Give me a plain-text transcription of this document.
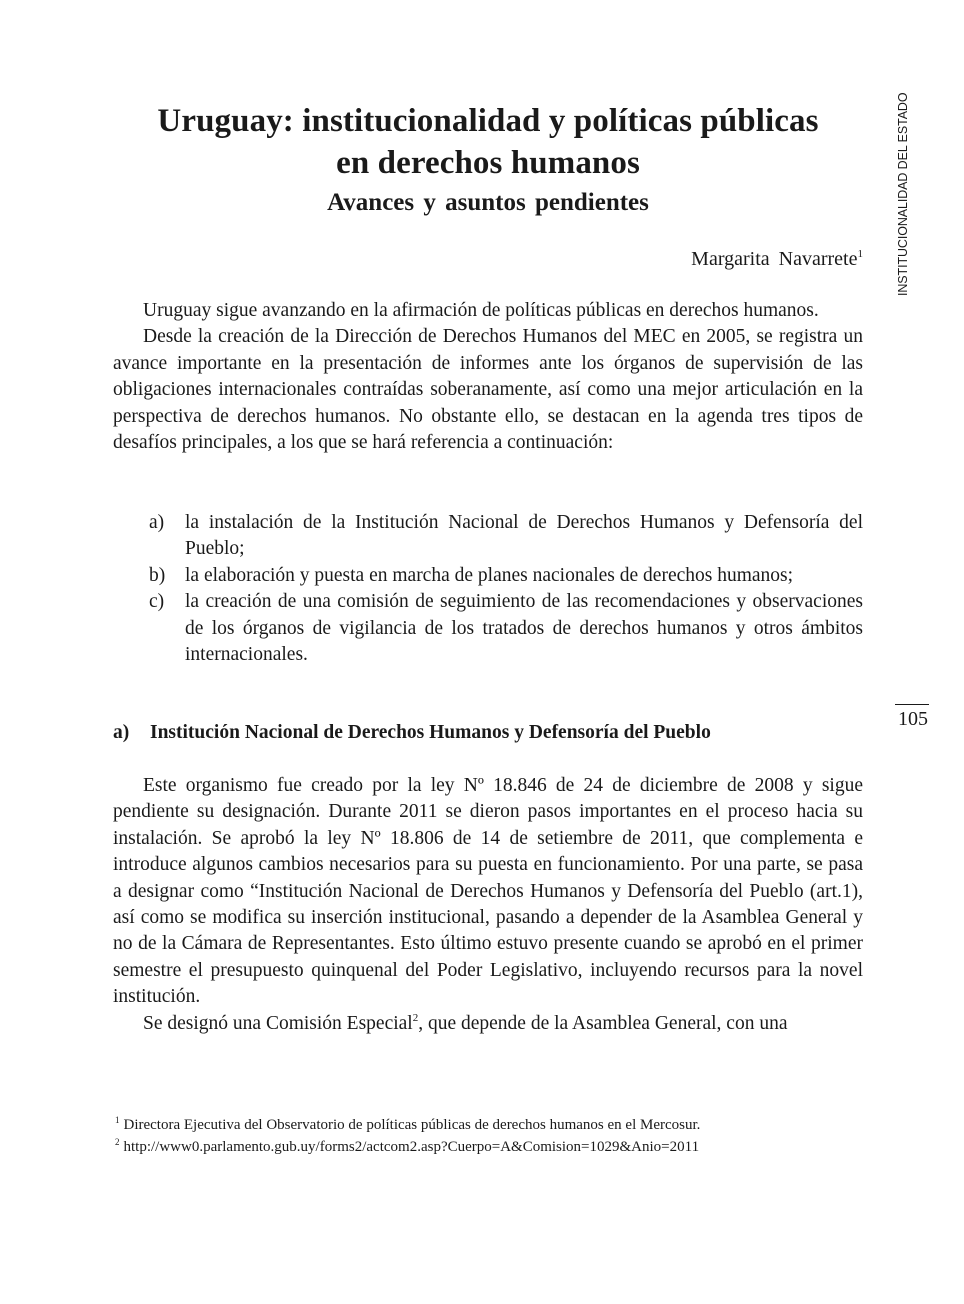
INSTITUCIONALIDAD DEL ESTADO
105
Uruguay: institucionalidad y políticas públicas
en derechos humanos
Avances y asuntos pendientes
Margarita Navarrete$^1$

Uruguay sigue avanzando en la afirmación de políticas públicas en derechos humanos.

Desde la creación de la Dirección de Derechos Humanos del MEC en 2005, se registra un avance importante en la presentación de informes ante los órganos de supervisión de las obligaciones internacionales contraídas soberanamente, así como una mejor articulación en la perspectiva de derechos humanos. No obstante ello, se destacan en la agenda tres tipos de desafíos principales, a los que se hará referencia a continuación:

a) la instalación de la Institución Nacional de Derechos Humanos y Defensoría del Pueblo;
b) la elaboración y puesta en marcha de planes nacionales de derechos humanos;
c) la creación de una comisión de seguimiento de las recomendaciones y observaciones de los órganos de vigilancia de los tratados de derechos humanos y otros ámbitos internacionales.
a) Institución Nacional de Derechos Humanos y Defensoría del Pueblo

Este organismo fue creado por la ley Nº 18.846 de 24 de diciembre de 2008 y sigue pendiente su designación. Durante 2011 se dieron pasos importantes en el proceso hacia su instalación. Se aprobó la ley Nº 18.806 de 14 de setiembre de 2011, que complementa e introduce algunos cambios necesarios para su puesta en funcionamiento. Por una parte, se pasa a designar como “Institución Nacional de Derechos Humanos y Defensoría del Pueblo (art.1), así como se modifica su inserción institucional, pasando a depender de la Asamblea General y no de la Cámara de Representantes. Esto último estuvo presente cuando se aprobó en el primer semestre el presupuesto quinquenal del Poder Legislativo, incluyendo recursos para la novel institución.

Se designó una Comisión Especial$^2$, que depende de la Asamblea General, con una

$^1$ Directora Ejecutiva del Observatorio de políticas públicas de derechos humanos en el Mercosur.

$^2$ http://www0.parlamento.gub.uy/forms2/actcom2.asp?Cuerpo=A&Comision=1029&Anio=2011
